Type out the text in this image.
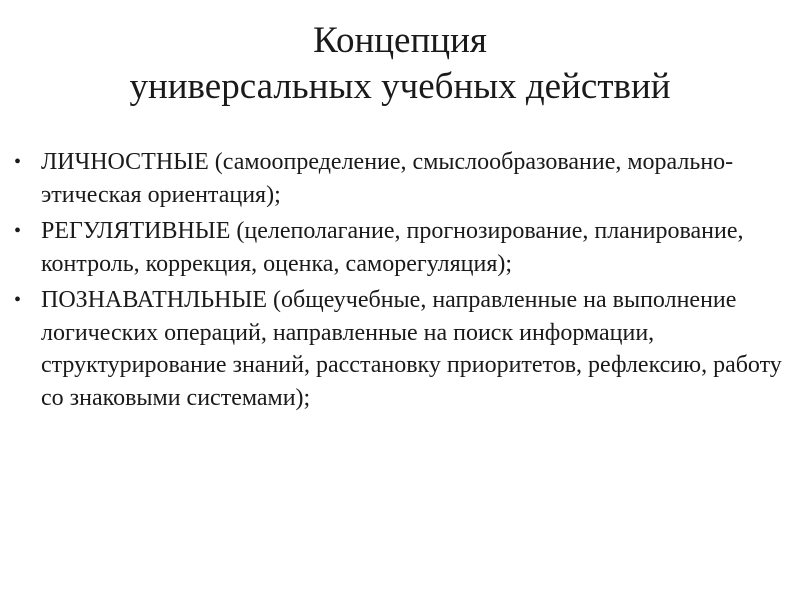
Концепция
универсальных учебных действий
• ЛИЧНОСТНЫЕ (самоопределение, смыслообразование, морально-этическая ориентация);
• РЕГУЛЯТИВНЫЕ (целеполагание, прогнозирование, планирование, контроль, коррекция, оценка, саморегуляция);
• ПОЗНАВАТНЛЬНЫЕ (общеучебные, направленные на выполнение логических операций, направленные на поиск информации, структурирование знаний, расстановку приоритетов, рефлексию, работу со знаковыми системами);
